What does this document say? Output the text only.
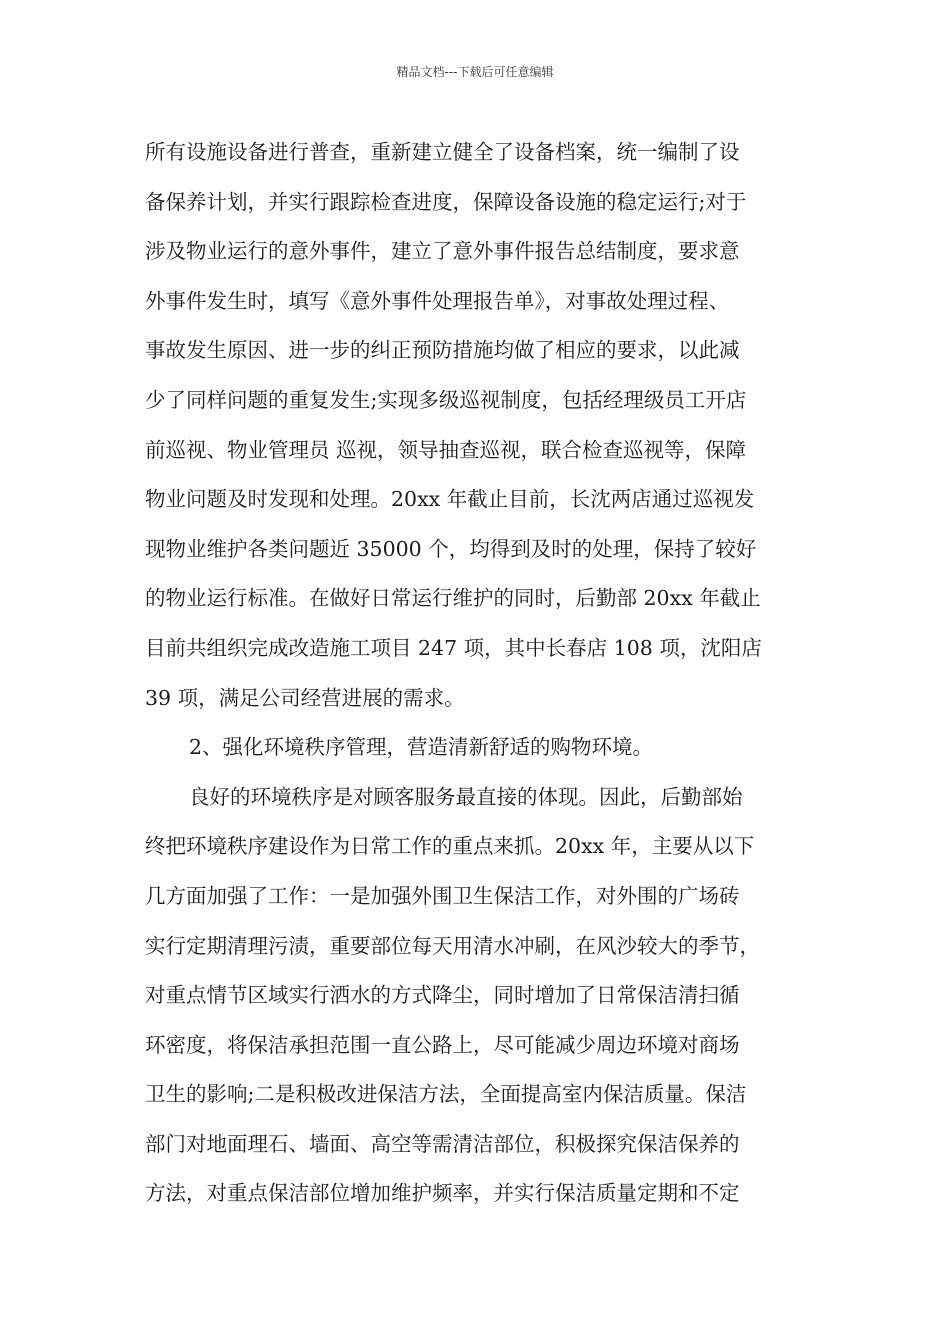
精品文档---下载后可任意编辑
所有设施设备进行普查，重新建立健全了设备档案，统一编制了设
备保养计划，并实行跟踪检查进度，保障设备设施的稳定运行;对于
涉及物业运行的意外事件，建立了意外事件报告总结制度，要求意
外事件发生时，填写《意外事件处理报告单》，对事故处理过程、
事故发生原因、进一步的纠正预防措施均做了相应的要求，以此减
少了同样问题的重复发生;实现多级巡视制度，包括经理级员工开店
前巡视、物业管理员 巡视，领导抽查巡视，联合检查巡视等，保障
物业问题及时发现和处理。20xx 年截止目前，长沈两店通过巡视发
现物业维护各类问题近 35000 个，均得到及时的处理，保持了较好
的物业运行标准。在做好日常运行维护的同时，后勤部 20xx 年截止
目前共组织完成改造施工项目 247 项，其中长春店 108 项，沈阳店
39 项，满足公司经营进展的需求。
2、强化环境秩序管理，营造清新舒适的购物环境。
良好的环境秩序是对顾客服务最直接的体现。因此，后勤部始
终把环境秩序建设作为日常工作的重点来抓。20xx 年，主要从以下
几方面加强了工作：一是加强外围卫生保洁工作，对外围的广场砖
实行定期清理污渍，重要部位每天用清水冲刷，在风沙较大的季节，
对重点情节区域实行洒水的方式降尘，同时增加了日常保洁清扫循
环密度，将保洁承担范围一直公路上，尽可能减少周边环境对商场
卫生的影响;二是积极改进保洁方法，全面提高室内保洁质量。保洁
部门对地面理石、墙面、高空等需清洁部位，积极探究保洁保养的
方法，对重点保洁部位增加维护频率，并实行保洁质量定期和不定
